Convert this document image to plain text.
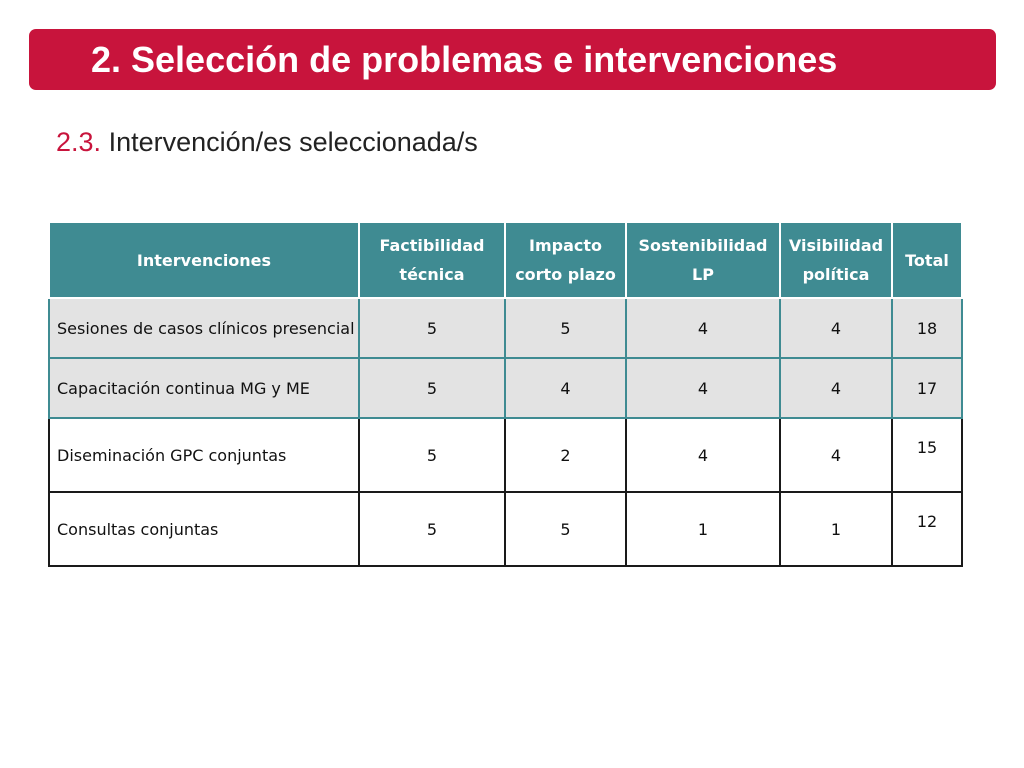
2. Selección de problemas e intervenciones
2.3. Intervención/es seleccionada/s
Intervenciones	Factibilidad técnica	Impacto corto plazo	Sostenibilidad LP	Visibilidad política	Total
Sesiones de casos clínicos presencial	5	5	4	4	18
Capacitación continua MG y ME	5	4	4	4	17
Diseminación GPC conjuntas	5	2	4	4	15
Consultas conjuntas	5	5	1	1	12
